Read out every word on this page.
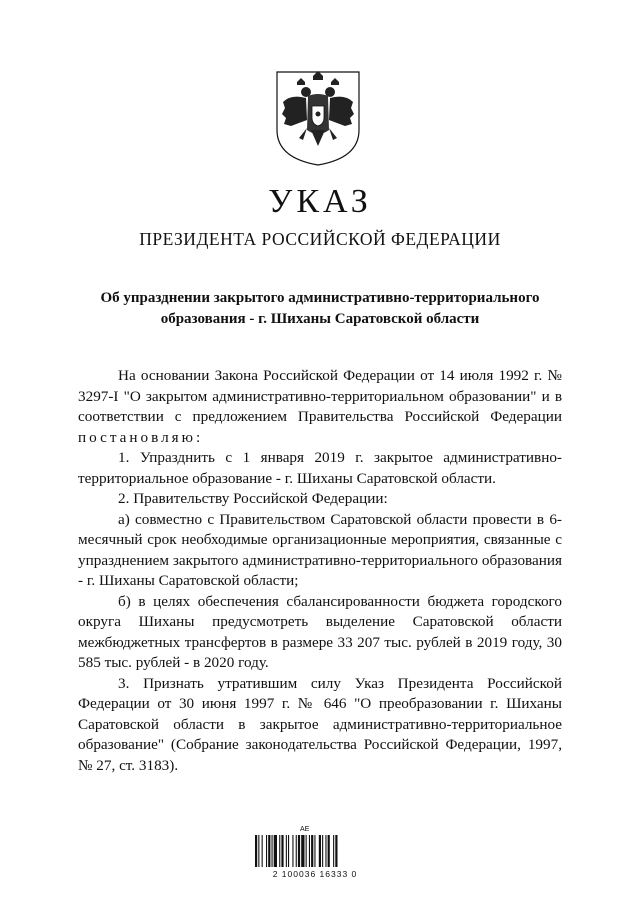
УКАЗ
ПРЕЗИДЕНТА РОССИЙСКОЙ ФЕДЕРАЦИИ
Об упразднении закрытого административно-территориального образования - г. Шиханы Саратовской области

На основании Закона Российской Федерации от 14 июля 1992 г. № 3297-I "О закрытом административно-территориальном образовании" и в соответствии с предложением Правительства Российской Федерации постановляю:

1. Упразднить с 1 января 2019 г. закрытое административно-территориальное образование - г. Шиханы Саратовской области.

2. Правительству Российской Федерации:

а) совместно с Правительством Саратовской области провести в 6-месячный срок необходимые организационные мероприятия, связанные с упразднением закрытого административно-территориального образования - г. Шиханы Саратовской области;

б) в целях обеспечения сбалансированности бюджета городского округа Шиханы предусмотреть выделение Саратовской области межбюджетных трансфертов в размере 33 207 тыс. рублей в 2019 году, 30 585 тыс. рублей - в 2020 году.

3. Признать утратившим силу Указ Президента Российской Федерации от 30 июня 1997 г. № 646 "О преобразовании г. Шиханы Саратовской области в закрытое административно-территориальное образование" (Собрание законодательства Российской Федерации, 1997, № 27, ст. 3183).

AE
2 100036 16333 0
